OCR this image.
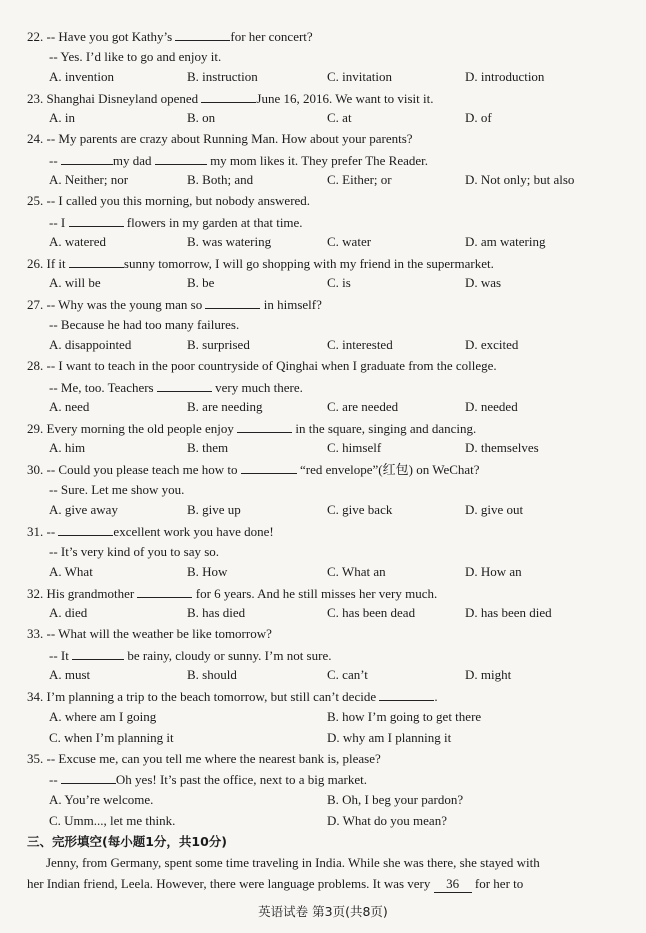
22. -- Have you got Kathy’s	for her concert?
-- Yes. I’d like to go and enjoy it.
A. invention	B. instruction	C. invitation	D. introduction
23. Shanghai Disneyland opened	June 16, 2016. We want to visit it.
A. in	B. on	C. at	D. of
24. -- My parents are crazy about Running Man. How about your parents?
--	my dad	my mom likes it. They prefer The Reader.
A. Neither; nor	B. Both; and	C. Either; or	D. Not only; but also
25. -- I called you this morning, but nobody answered.
-- I	flowers in my garden at that time.
A. watered	B. was watering	C. water	D. am watering
26. If it	sunny tomorrow, I will go shopping with my friend in the supermarket.
A. will be	B. be	C. is	D. was
27. -- Why was the young man so	in himself?
-- Because he had too many failures.
A. disappointed	B. surprised	C. interested	D. excited
28. -- I want to teach in the poor countryside of Qinghai when I graduate from the college.
-- Me, too. Teachers	very much there.
A. need	B. are needing	C. are needed	D. needed
29. Every morning the old people enjoy	in the square, singing and dancing.
A. him	B. them	C. himself	D. themselves
30. -- Could you please teach me how to	“red envelope”(红包) on WeChat?
-- Sure. Let me show you.
A. give away	B. give up	C. give back	D. give out
31. --	excellent work you have done!
-- It’s very kind of you to say so.
A. What	B. How	C. What an	D. How an
32. His grandmother	for 6 years. And he still misses her very much.
A. died	B. has died	C. has been dead	D. has been died
33. -- What will the weather be like tomorrow?
-- It	be rainy, cloudy or sunny. I’m not sure.
A. must	B. should	C. can’t	D. might
34. I’m planning a trip to the beach tomorrow, but still can’t decide	.
A. where am I going	B. how I’m going to get there
C. when I’m planning it	D. why am I planning it
35. -- Excuse me, can you tell me where the nearest bank is, please?
--	Oh yes! It’s past the office, next to a big market.
A. You’re welcome.	B. Oh, I beg your pardon?
C. Umm..., let me think.	D. What do you mean?
三、完形填空(每小题1分，共10分)
Jenny, from Germany, spent some time traveling in India. While she was there, she stayed with
her Indian friend, Leela. However, there were language problems. It was very 36 for her to
英语试卷 第3页(共8页)
